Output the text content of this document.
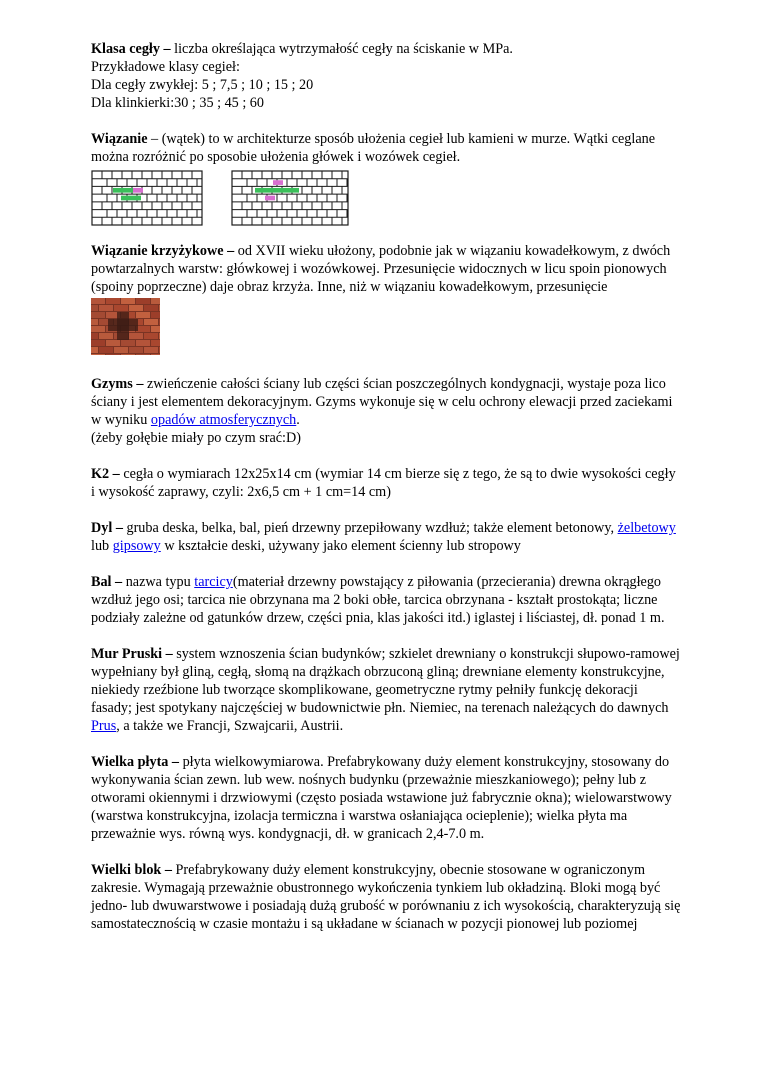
Klasa cegły – liczba określająca wytrzymałość cegły na ściskanie w MPa.

Przykładowe klasy cegieł:

Dla cegły zwykłej: 5 ; 7,5 ; 10 ; 15 ; 20

Dla klinkierki:30 ; 35 ; 45 ; 60

Wiązanie – (wątek) to w architekturze sposób ułożenia cegieł lub kamieni w murze. Wątki ceglane można rozróżnić po sposobie ułożenia główek i wozówek cegieł.

Wiązanie krzyżykowe – od XVII wieku ułożony, podobnie jak w wiązaniu kowadełkowym, z dwóch powtarzalnych warstw: główkowej i wozówkowej. Przesunięcie widocznych w licu spoin pionowych (spoiny poprzeczne) daje obraz krzyża. Inne, niż w wiązaniu kowadełkowym, przesunięcie

Gzyms – zwieńczenie całości ściany lub części ścian poszczególnych kondygnacji, wystaje poza lico ściany i jest elementem dekoracyjnym. Gzyms wykonuje się w celu ochrony elewacji przed zaciekami w wyniku opadów atmosferycznych.

(żeby gołębie miały po czym srać:D)

K2 – cegła o wymiarach 12x25x14 cm (wymiar 14 cm bierze się z tego, że są to dwie wysokości cegły i wysokość zaprawy, czyli: 2x6,5 cm + 1 cm=14 cm)

Dyl – gruba deska, belka, bal, pień drzewny przepiłowany wzdłuż; także element betonowy, żelbetowy lub gipsowy w kształcie deski, używany jako element ścienny lub stropowy

Bal – nazwa typu tarcicy(materiał drzewny powstający z piłowania (przecierania) drewna okrągłego wzdłuż jego osi; tarcica nie obrzynana ma 2 boki obłe, tarcica obrzynana - kształt prostokąta; liczne podziały zależne od gatunków drzew, części pnia, klas jakości itd.) iglastej i liściastej, dł. ponad 1 m.

Mur Pruski – system wznoszenia ścian budynków; szkielet drewniany o konstrukcji słupowo-ramowej wypełniany był gliną, cegłą, słomą na drążkach obrzuconą gliną; drewniane elementy konstrukcyjne, niekiedy rzeźbione lub tworzące skomplikowane, geometryczne rytmy pełniły funkcję dekoracji fasady; jest spotykany najczęściej w budownictwie płn. Niemiec, na terenach należących do dawnych Prus, a także we Francji, Szwajcarii, Austrii.

Wielka płyta – płyta wielkowymiarowa. Prefabrykowany duży element konstrukcyjny, stosowany do wykonywania ścian zewn. lub wew. nośnych budynku (przeważnie mieszkaniowego); pełny lub z otworami okiennymi i drzwiowymi (często posiada wstawione już fabrycznie okna); wielowarstwowy (warstwa konstrukcyjna, izolacja termiczna i warstwa osłaniająca ocieplenie); wielka płyta ma przeważnie wys. równą wys. kondygnacji, dł. w granicach 2,4-7.0 m.

Wielki blok – Prefabrykowany duży element konstrukcyjny, obecnie stosowane w ograniczonym zakresie. Wymagają przeważnie obustronnego wykończenia tynkiem lub okładziną. Bloki mogą być jedno- lub dwuwarstwowe i posiadają dużą grubość w porównaniu z ich wysokością, charakteryzują się samostatecznością w czasie montażu i są układane w ścianach w pozycji pionowej lub poziomej
